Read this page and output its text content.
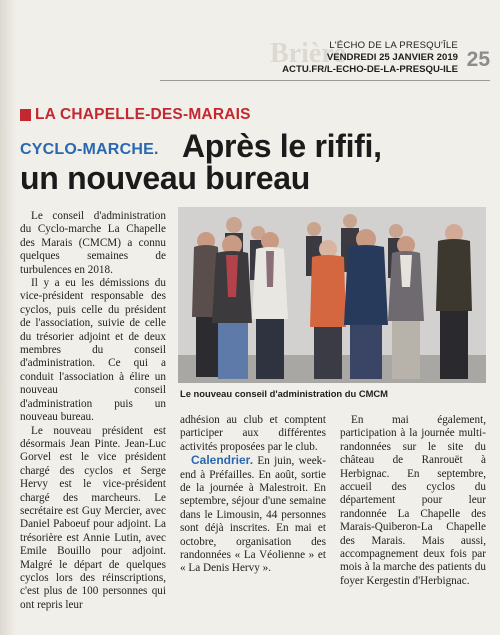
Brière
L'ÉCHO DE LA PRESQU'ÎLE
VENDREDI 25 JANVIER 2019
ACTU.FR/L-ECHO-DE-LA-PRESQU-ILE 25
LA CHAPELLE-DES-MARAIS
CYCLO-MARCHE. Après le rififi,
un nouveau bureau

Le conseil d'administration du Cyclo-marche La Chapelle des Marais (CMCM) a connu quelques semaines de turbulences en 2018.

Il y a eu les démissions du vice-président responsable des cyclos, puis celle du président de l'association, suivie de celle du trésorier adjoint et de deux membres du conseil d'administration. Ce qui a conduit l'association à élire un nouveau conseil d'administration puis un nouveau bureau.

Le nouveau président est désormais Jean Pinte. Jean-Luc Gorvel est le vice président chargé des cyclos et Serge Hervy est le vice-président chargé des marcheurs. Le secrétaire est Guy Mercier, avec Daniel Paboeuf pour adjoint. La trésorière est Annie Lutin, avec Emile Bouillo pour adjoint. Malgré le départ de quelques cyclos lors des réinscriptions, c'est plus de 100 personnes qui ont repris leur

Le nouveau conseil d'administration du CMCM

adhésion au club et comptent participer aux différentes activités proposées par le club.

Calendrier. En juin, week-end à Préfailles. En août, sortie de la journée à Malestroit. En septembre, séjour d'une semaine dans le Limousin, 44 personnes sont déjà inscrites. En mai et octobre, organisation des randonnées « La Véolienne » et « La Denis Hervy ».

En mai également, participation à la journée multi-randonnées sur le site du château de Ranrouët à Herbignac. En septembre, accueil des cyclos du département pour leur randonnée La Chapelle des Marais-Quiberon-La Chapelle des Marais. Mais aussi, accompagnement deux fois par mois à la marche des patients du foyer Kergestin d'Herbignac.
